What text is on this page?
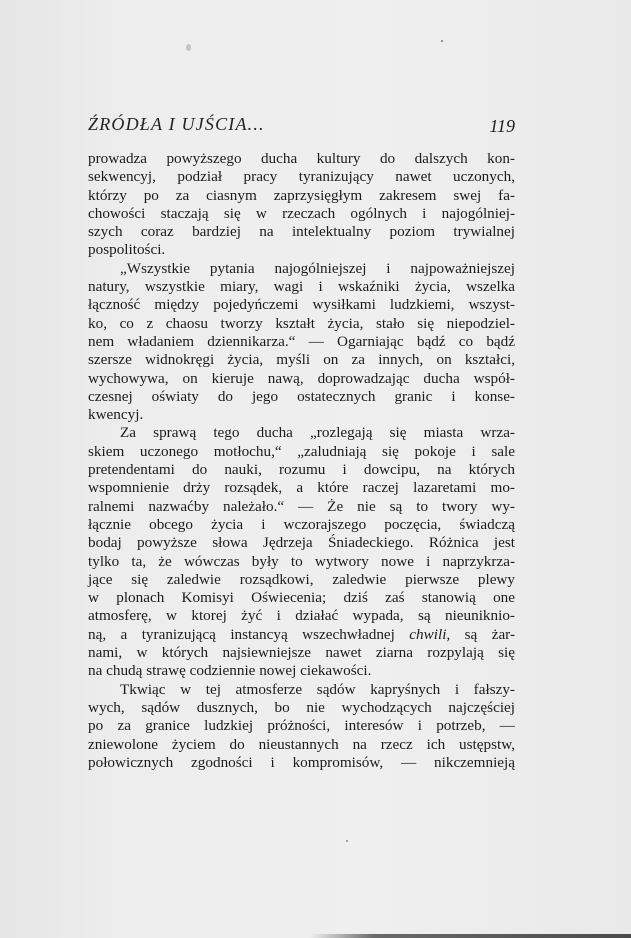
ŹRÓDŁA I UJŚCIA...	119
prowadza powyższego ducha kultury do dalszych kon-
sekwencyj, podział pracy tyranizujący nawet uczonych,
którzy po za ciasnym zaprzysięgłym zakresem swej fa-
chowości staczają się w rzeczach ogólnych i najogólniej-
szych coraz bardziej na intelektualny poziom trywialnej
pospolitości.
„Wszystkie pytania najogólniejszej i najpoważniejszej
natury, wszystkie miary, wagi i wskaźniki życia, wszelka
łączność między pojedyńczemi wysiłkami ludzkiemi, wszyst-
ko, co z chaosu tworzy kształt życia, stało się niepodziel-
nem władaniem dziennikarza.“ — Ogarniając bądź co bądź
szersze widnokręgi życia, myśli on za innych, on kształci,
wychowywa, on kieruje nawą, doprowadzając ducha współ-
czesnej oświaty do jego ostatecznych granic i konse-
kwencyj.
Za sprawą tego ducha „rozlegają się miasta wrza-
skiem uczonego motłochu,“ „zaludniają się pokoje i sale
pretendentami do nauki, rozumu i dowcipu, na których
wspomnienie drży rozsądek, a które raczej lazaretami mo-
ralnemi nazwaćby należało.“ — Że nie są to twory wy-
łącznie obcego życia i wczorajszego poczęcia, świadczą
bodaj powyższe słowa Jędrzeja Śniadeckiego. Różnica jest
tylko ta, że wówczas były to wytwory nowe i naprzykrza-
jące się zaledwie rozsądkowi, zaledwie pierwsze plewy
w plonach Komisyi Oświecenia; dziś zaś stanowią one
atmosferę, w ktorej żyć i działać wypada, są nieuniknio-
ną, a tyranizującą instancyą wszechwładnej chwili, są żar-
nami, w których najsiewniejsze nawet ziarna rozpylają się
na chudą strawę codziennie nowej ciekawości.
Tkwiąc w tej atmosferze sądów kapryśnych i fałszy-
wych, sądów dusznych, bo nie wychodzących najczęściej
po za granice ludzkiej próżności, interesów i potrzeb, —
zniewolone życiem do nieustannych na rzecz ich ustępstw,
połowicznych zgodności i kompromisów, — nikczemnieją
